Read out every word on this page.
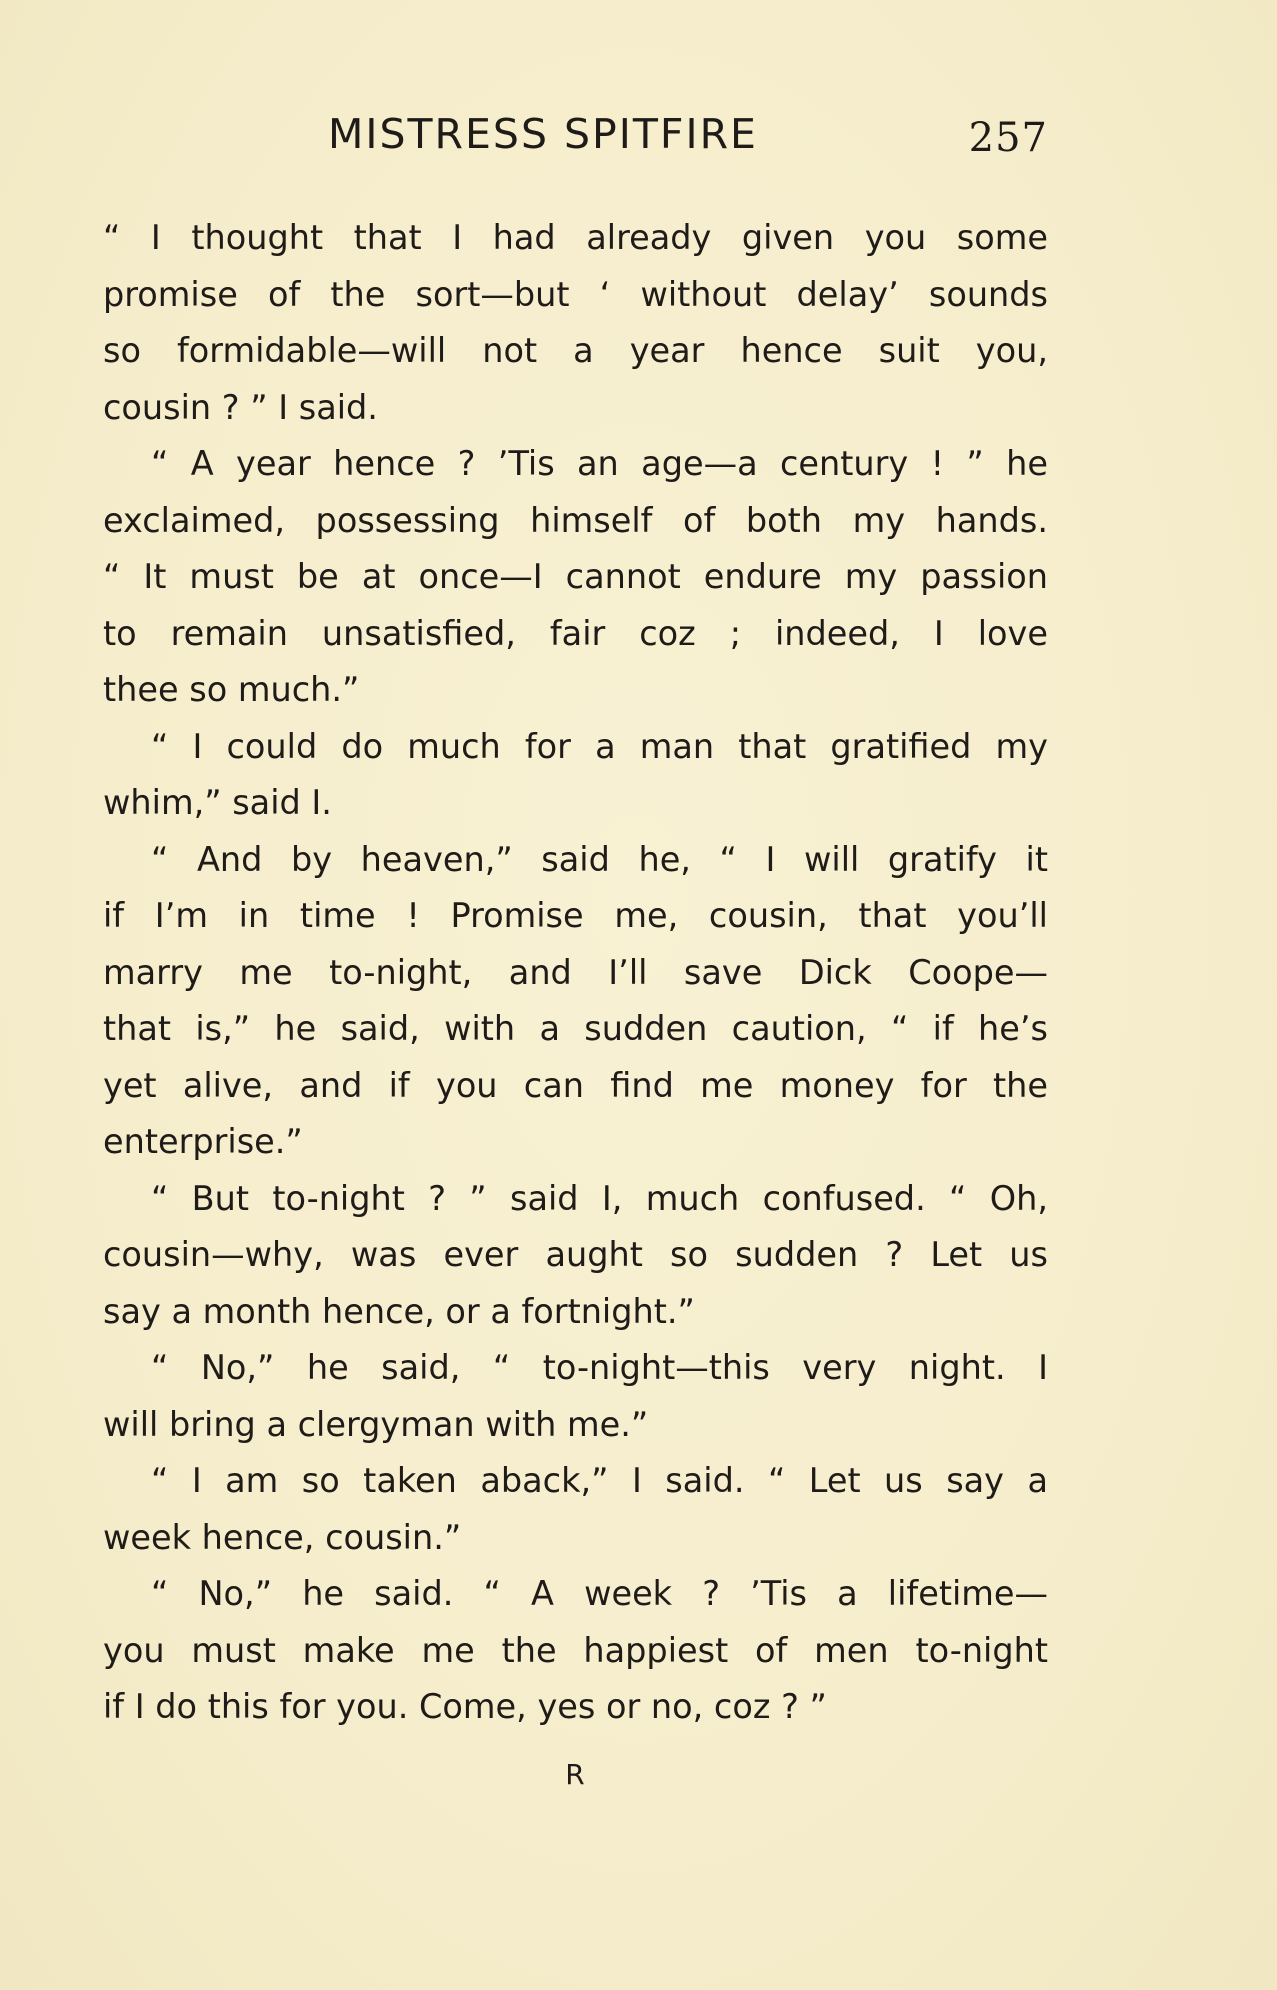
MISTRESS SPITFIRE	257
“ I thought that I had already given you some
promise of the sort—but ‘ without delay’ sounds
so formidable—will not a year hence suit you,
cousin ? ” I said.
“ A year hence ? ’Tis an age—a century ! ” he
exclaimed, possessing himself of both my hands.
“ It must be at once—I cannot endure my passion
to remain unsatisfied, fair coz ; indeed, I love
thee so much.”
“ I could do much for a man that gratified my
whim,” said I.
“ And by heaven,” said he, “ I will gratify it
if I’m in time ! Promise me, cousin, that you’ll
marry me to-night, and I’ll save Dick Coope—
that is,” he said, with a sudden caution, “ if he’s
yet alive, and if you can find me money for the
enterprise.”
“ But to-night ? ” said I, much confused. “ Oh,
cousin—why, was ever aught so sudden ? Let us
say a month hence, or a fortnight.”
“ No,” he said, “ to-night—this very night. I
will bring a clergyman with me.”
“ I am so taken aback,” I said. “ Let us say a
week hence, cousin.”
“ No,” he said. “ A week ? ’Tis a lifetime—
you must make me the happiest of men to-night
if I do this for you. Come, yes or no, coz ? ”
R
